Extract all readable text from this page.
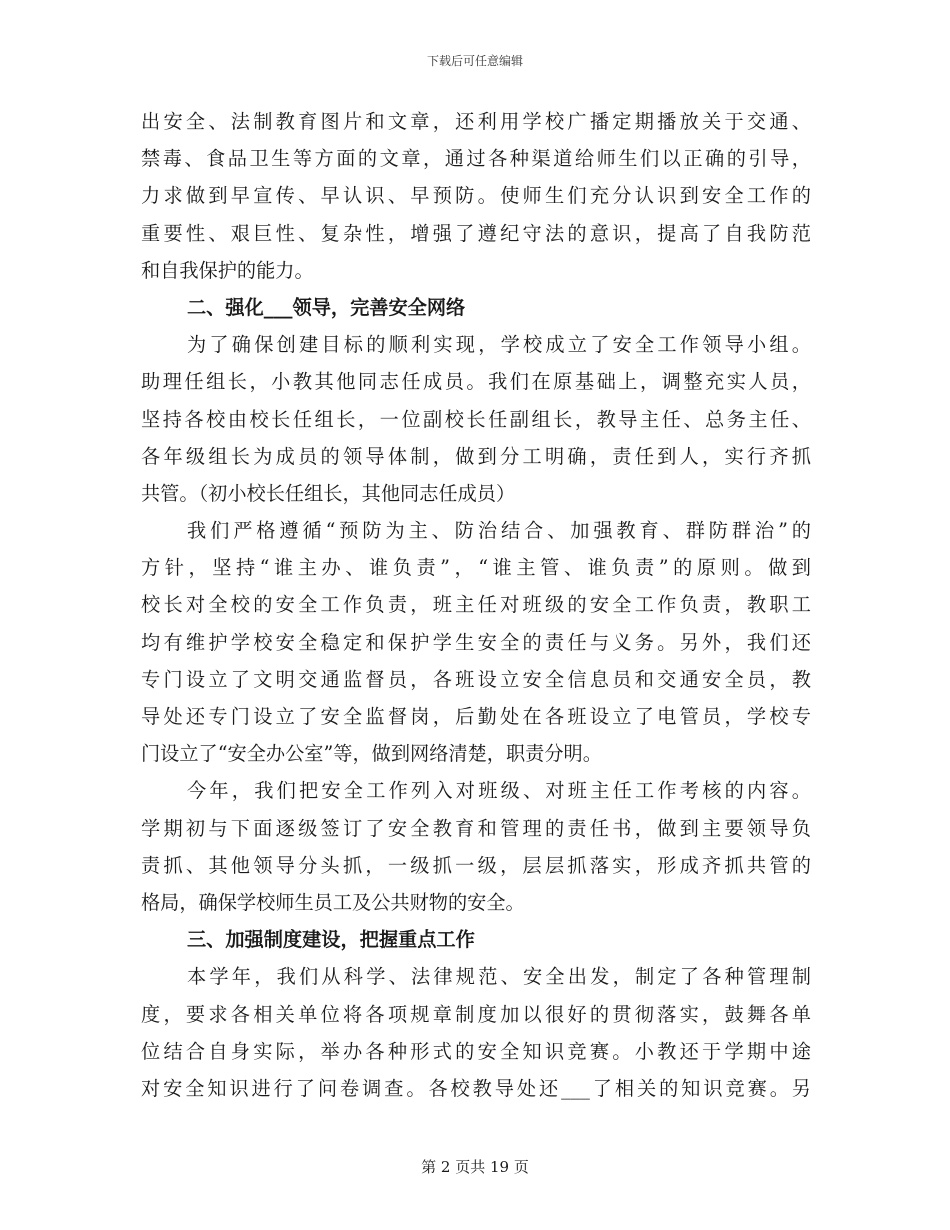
下载后可任意编辑
出安全、法制教育图片和文章，还利用学校广播定期播放关于交通、
禁毒、食品卫生等方面的文章，通过各种渠道给师生们以正确的引导，
力求做到早宣传、早认识、早预防。使师生们充分认识到安全工作的
重要性、艰巨性、复杂性，增强了遵纪守法的意识，提高了自我防范
和自我保护的能力。
二、强化___领导，完善安全网络
为了确保创建目标的顺利实现，学校成立了安全工作领导小组。
助理任组长，小教其他同志任成员。我们在原基础上，调整充实人员，
坚持各校由校长任组长，一位副校长任副组长，教导主任、总务主任、
各年级组长为成员的领导体制，做到分工明确，责任到人，实行齐抓
共管。（初小校长任组长，其他同志任成员）
我们严格遵循“预防为主、防治结合、加强教育、群防群治”的
方针，坚持“谁主办、谁负责”，“谁主管、谁负责”的原则。做到
校长对全校的安全工作负责，班主任对班级的安全工作负责，教职工
均有维护学校安全稳定和保护学生安全的责任与义务。另外，我们还
专门设立了文明交通监督员，各班设立安全信息员和交通安全员，教
导处还专门设立了安全监督岗，后勤处在各班设立了电管员，学校专
门设立了“安全办公室”等，做到网络清楚，职责分明。
今年，我们把安全工作列入对班级、对班主任工作考核的内容。
学期初与下面逐级签订了安全教育和管理的责任书，做到主要领导负
责抓、其他领导分头抓，一级抓一级，层层抓落实，形成齐抓共管的
格局，确保学校师生员工及公共财物的安全。
三、加强制度建设，把握重点工作
本学年，我们从科学、法律规范、安全出发，制定了各种管理制
度，要求各相关单位将各项规章制度加以很好的贯彻落实，鼓舞各单
位结合自身实际，举办各种形式的安全知识竞赛。小教还于学期中途
对安全知识进行了问卷调查。各校教导处还___了相关的知识竞赛。另
第 2 页共 19 页
